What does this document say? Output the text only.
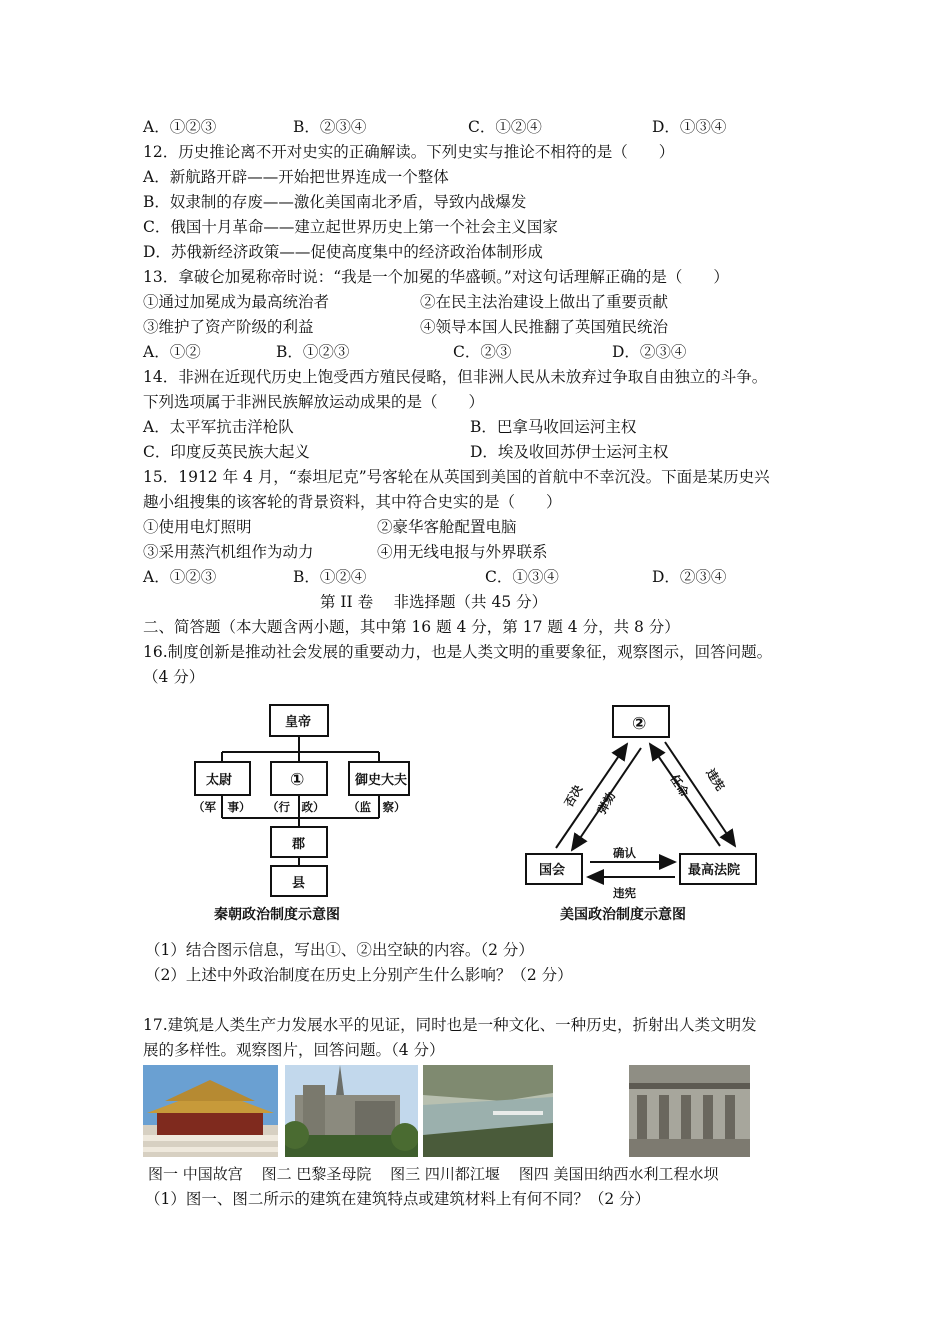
A．①②③	B．②③④	C．①②④	D．①③④
12．历史推论离不开对史实的正确解读。下列史实与推论不相符的是（　　）
A．新航路开辟——开始把世界连成一个整体
B．奴隶制的存废——激化美国南北矛盾，导致内战爆发
C．俄国十月革命——建立起世界历史上第一个社会主义国家
D．苏俄新经济政策——促使高度集中的经济政治体制形成
13．拿破仑加冕称帝时说：“我是一个加冕的华盛顿。”对这句话理解正确的是（　　）
①通过加冕成为最高统治者	②在民主法治建设上做出了重要贡献
③维护了资产阶级的利益	④领导本国人民推翻了英国殖民统治
A．①②	B．①②③	C．②③	D．②③④
14．非洲在近现代历史上饱受西方殖民侵略，但非洲人民从未放弃过争取自由独立的斗争。
下列选项属于非洲民族解放运动成果的是（　　）
A．太平军抗击洋枪队	B．巴拿马收回运河主权
C．印度反英民族大起义	D．埃及收回苏伊士运河主权
15．1912 年 4 月，“泰坦尼克”号客轮在从英国到美国的首航中不幸沉没。下面是某历史兴
趣小组搜集的该客轮的背景资料，其中符合史实的是（　　）
①使用电灯照明	②豪华客舱配置电脑
③采用蒸汽机组作为动力	④用无线电报与外界联系
A．①②③	B．①②④	C．①③④	D．②③④
第 II 卷　 非选择题（共 45 分）
二、简答题（本大题含两小题，其中第 16 题 4 分，第 17 题 4 分，共 8 分）
16.制度创新是推动社会发展的重要动力，也是人类文明的重要象征，观察图示，回答问题。
（4 分）
皇帝
太尉	①	御史大夫
（军　事） （行　政） （监　察）
郡
县
秦朝政治制度示意图
②
国会	最高法院
确认
违宪
否决 弹劾
任命 违宪
美国政治制度示意图
（1）结合图示信息，写出①、②出空缺的内容。（2 分）
（2）上述中外政治制度在历史上分别产生什么影响？（2 分）
17.建筑是人类生产力发展水平的见证，同时也是一种文化、一种历史，折射出人类文明发
展的多样性。观察图片，回答问题。（4 分）
图一 中国故宫 图二 巴黎圣母院 图三 四川都江堰 图四 美国田纳西水利工程水坝
（1）图一、图二所示的建筑在建筑特点或建筑材料上有何不同？（2 分）
